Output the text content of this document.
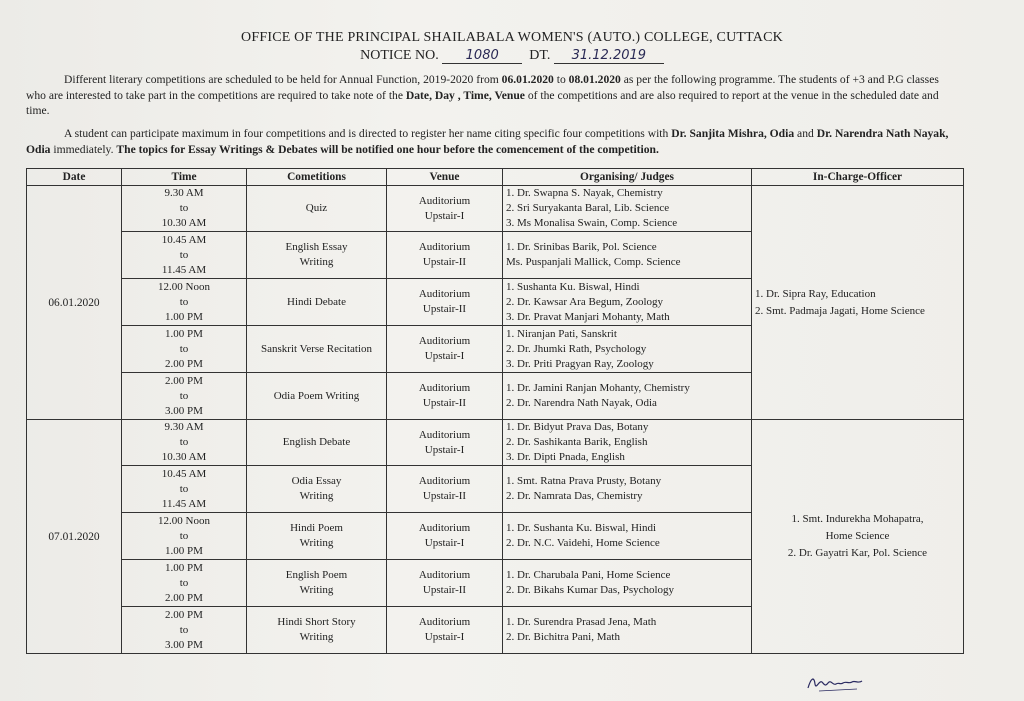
OFFICE OF THE PRINCIPAL SHAILABALA WOMEN'S (AUTO.) COLLEGE, CUTTACK
NOTICE NO. 1080 DT. 31.12.2019
Different literary competitions are scheduled to be held for Annual Function, 2019-2020 from 06.01.2020 to 08.01.2020 as per the following programme. The students of +3 and P.G classes who are interested to take part in the competitions are required to take note of the Date, Day , Time, Venue of the competitions and are also required to report at the venue in the scheduled date and time.
A student can participate maximum in four competitions and is directed to register her name citing specific four competitions with Dr. Sanjita Mishra, Odia and Dr. Narendra Nath Nayak, Odia immediately. The topics for Essay Writings & Debates will be notified one hour before the comencement of the competition.
Date	Time	Cometitions	Venue	Organising/ Judges	In-Charge-Officer
06.01.2020	9.30 AM
to
10.30 AM	Quiz	Auditorium
Upstair-I	1. Dr. Swapna S. Nayak, Chemistry
2. Sri Suryakanta Baral, Lib. Science
3. Ms Monalisa Swain, Comp. Science	1. Dr. Sipra Ray, Education
2. Smt. Padmaja Jagati, Home Science

	10.45 AM
to
11.45 AM	English Essay
Writing	Auditorium
Upstair-II	1. Dr. Srinibas Barik, Pol. Science
Ms. Puspanjali Mallick, Comp. Science	

	12.00 Noon
to
1.00 PM	Hindi Debate	Auditorium
Upstair-II	1. Sushanta Ku. Biswal, Hindi
2. Dr. Kawsar Ara Begum, Zoology
3. Dr. Pravat Manjari Mohanty, Math	

	1.00 PM
to
2.00 PM	Sanskrit Verse Recitation	Auditorium
Upstair-I	1. Niranjan Pati, Sanskrit
2. Dr. Jhumki Rath, Psychology
3. Dr. Priti Pragyan Ray, Zoology	

	2.00 PM
to
3.00 PM	Odia Poem Writing	Auditorium
Upstair-II	1. Dr. Jamini Ranjan Mohanty, Chemistry
2. Dr. Narendra Nath Nayak, Odia	

07.01.2020	9.30 AM
to
10.30 AM	English Debate	Auditorium
Upstair-I	1. Dr. Bidyut Prava Das, Botany
2. Dr. Sashikanta Barik, English
3. Dr. Dipti Pnada, English	1. Smt. Indurekha Mohapatra,
Home Science
2. Dr. Gayatri Kar, Pol. Science

	10.45 AM
to
11.45 AM	Odia Essay
Writing	Auditorium
Upstair-II	1. Smt. Ratna Prava Prusty, Botany
2. Dr. Namrata Das, Chemistry	

	12.00 Noon
to
1.00 PM	Hindi Poem
Writing	Auditorium
Upstair-I	1. Dr. Sushanta Ku. Biswal, Hindi
2. Dr. N.C. Vaidehi, Home Science	

	1.00 PM
to
2.00 PM	English Poem
Writing	Auditorium
Upstair-II	1. Dr. Charubala Pani, Home Science
2. Dr. Bikahs Kumar Das, Psychology	

	2.00 PM
to
3.00 PM	Hindi Short Story
Writing	Auditorium
Upstair-I	1. Dr. Surendra Prasad Jena, Math
2. Dr. Bichitra Pani, Math	
